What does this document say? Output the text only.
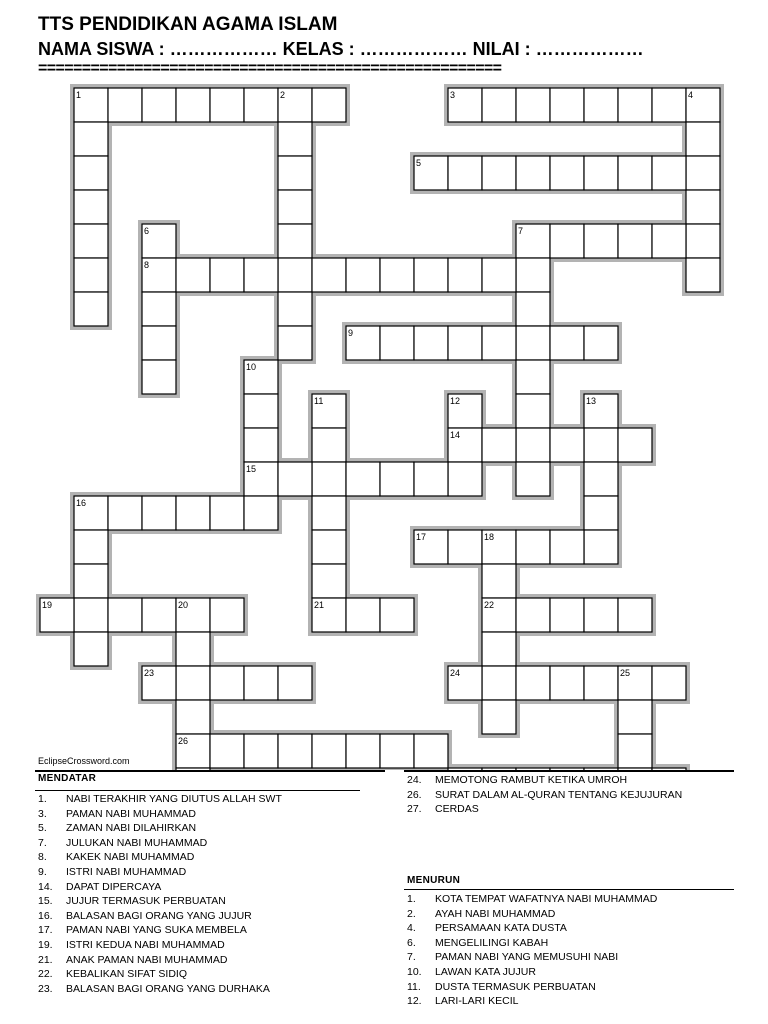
TTS PENDIDIKAN AGAMA ISLAM
NAMA SISWA : ……………… KELAS : ……………… NILAI : ………………
=====================================================
1	2	3	4
5
6	7
8
9
10
11	12	13
14
15
16
17	18
19	20	21	22
23	24	25
26
EclipseCrossword.com
MENDATAR
1. NABI TERAKHIR YANG DIUTUS ALLAH SWT
3. PAMAN NABI MUHAMMAD
5. ZAMAN NABI DILAHIRKAN
7. JULUKAN NABI MUHAMMAD
8. KAKEK NABI MUHAMMAD
9. ISTRI NABI MUHAMMAD
14. DAPAT DIPERCAYA
15. JUJUR TERMASUK PERBUATAN
16. BALASAN BAGI ORANG YANG JUJUR
17. PAMAN NABI YANG SUKA MEMBELA
19. ISTRI KEDUA NABI MUHAMMAD
21. ANAK PAMAN NABI MUHAMMAD
22. KEBALIKAN SIFAT SIDIQ
23. BALASAN BAGI ORANG YANG DURHAKA
24. MEMOTONG RAMBUT KETIKA UMROH
26. SURAT DALAM AL-QURAN TENTANG KEJUJURAN
27. CERDAS
MENURUN
1. KOTA TEMPAT WAFATNYA NABI MUHAMMAD
2. AYAH NABI MUHAMMAD
4. PERSAMAAN KATA DUSTA
6. MENGELILINGI KABAH
7. PAMAN NABI YANG MEMUSUHI NABI
10. LAWAN KATA JUJUR
11. DUSTA TERMASUK PERBUATAN
12. LARI-LARI KECIL
